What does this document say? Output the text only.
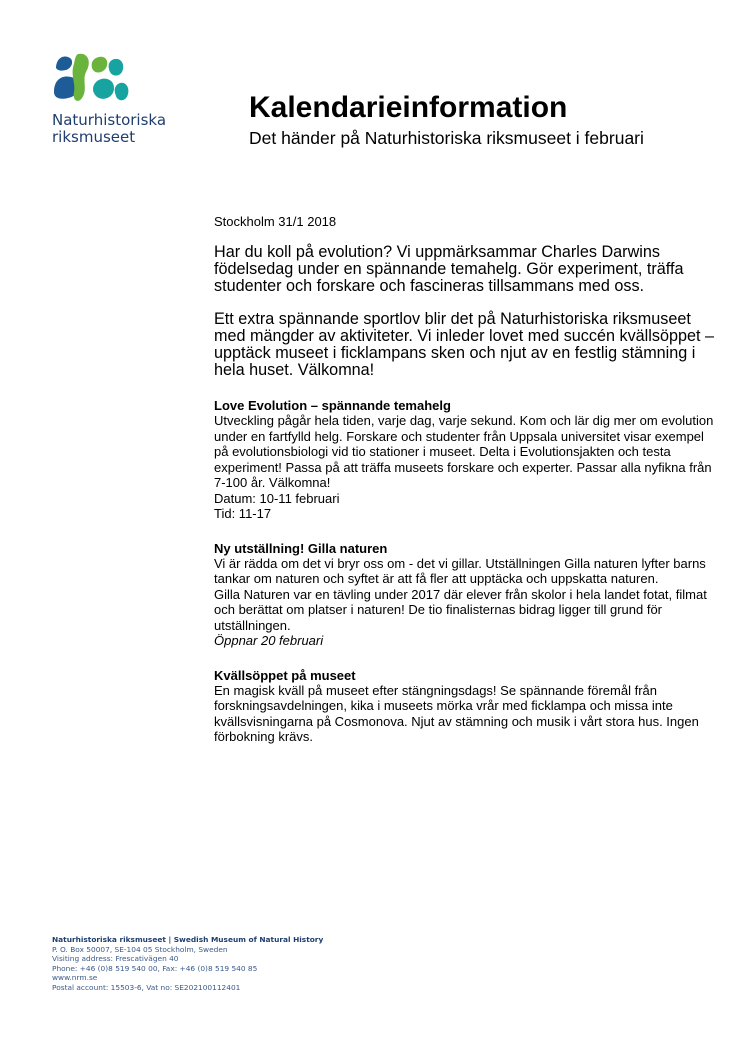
Naturhistoriska
riksmuseet
Kalendarieinformation
Det händer på Naturhistoriska riksmuseet i februari
Stockholm 31/1 2018

Har du koll på evolution? Vi uppmärksammar Charles Darwins födelsedag under en spännande temahelg. Gör experiment, träffa studenter och forskare och fascineras tillsammans med oss.

Ett extra spännande sportlov blir det på Naturhistoriska riksmuseet med mängder av aktiviteter. Vi inleder lovet med succén kvällsöppet – upptäck museet i ficklampans sken och njut av en festlig stämning i hela huset. Välkomna!

Love Evolution – spännande temahelg

Utveckling pågår hela tiden, varje dag, varje sekund. Kom och lär dig mer om evolution under en fartfylld helg. Forskare och studenter från Uppsala universitet visar exempel på evolutionsbiologi vid tio stationer i museet. Delta i Evolutionsjakten och testa experiment! Passa på att träffa museets forskare och experter. Passar alla nyfikna från 7-100 år. Välkomna!

Datum: 10-11 februari

Tid: 11-17

Ny utställning! Gilla naturen

Vi är rädda om det vi bryr oss om - det vi gillar. Utställningen Gilla naturen lyfter barns tankar om naturen och syftet är att få fler att upptäcka och uppskatta naturen.

Gilla Naturen var en tävling under 2017 där elever från skolor i hela landet fotat, filmat och berättat om platser i naturen! De tio finalisternas bidrag ligger till grund för utställningen.

Öppnar 20 februari

Kvällsöppet på museet

En magisk kväll på museet efter stängningsdags! Se spännande föremål från forskningsavdelningen, kika i museets mörka vrår med ficklampa och missa inte kvällsvisningarna på Cosmonova. Njut av stämning och musik i vårt stora hus. Ingen förbokning krävs.

Naturhistoriska riksmuseet | Swedish Museum of Natural History
P. O. Box 50007, SE-104 05 Stockholm, Sweden
Visiting address: Frescativägen 40
Phone: +46 (0)8 519 540 00, Fax: +46 (0)8 519 540 85
www.nrm.se
Postal account: 15503-6, Vat no: SE202100112401
